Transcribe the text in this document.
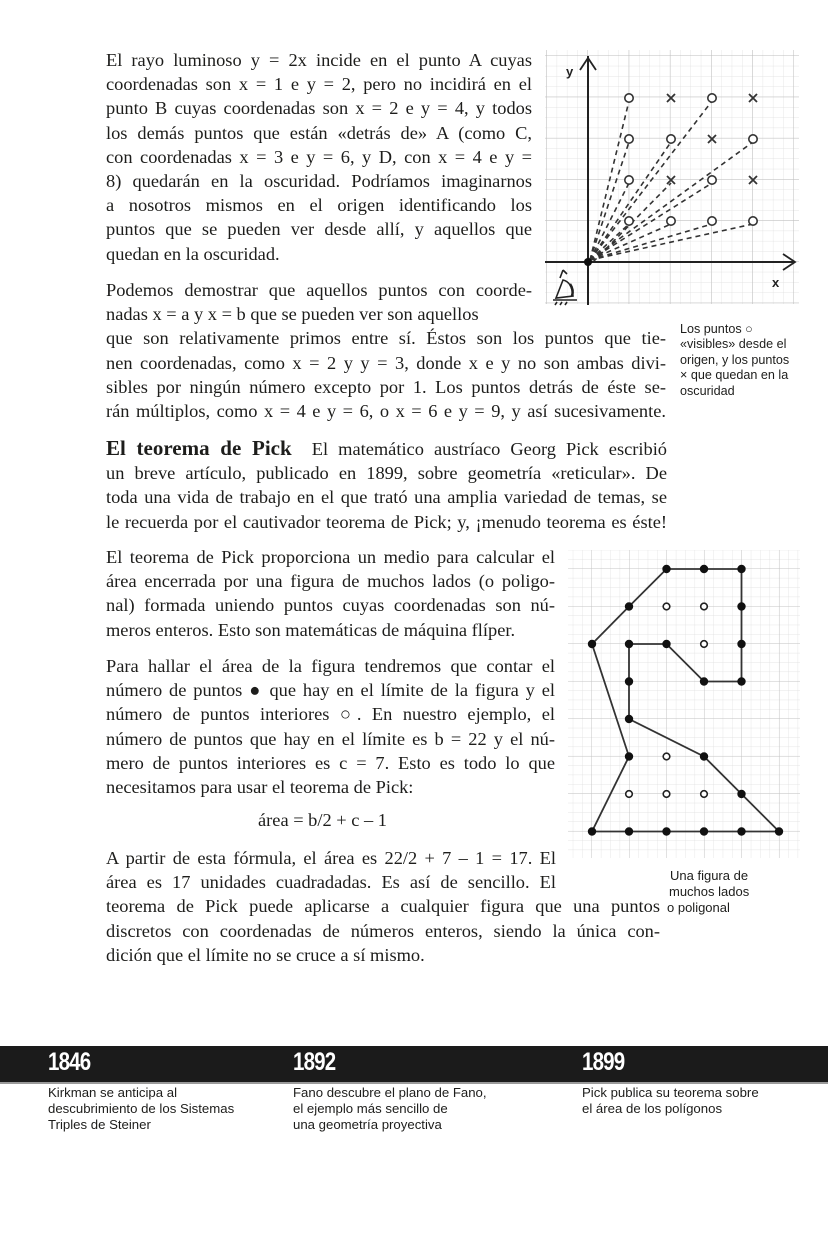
El rayo luminoso y = 2x incide en el punto A cuyas
coordenadas son x = 1 e y = 2, pero no incidirá en el
punto B cuyas coordenadas son x = 2 e y = 4, y todos
los demás puntos que están «detrás de» A (como C,
con coordenadas x = 3 e y = 6, y D, con x = 4 e y =
8) quedarán en la oscuridad. Podríamos imaginarnos
a nosotros mismos en el origen identificando los
puntos que se pueden ver desde allí, y aquellos que
quedan en la oscuridad.
Podemos demostrar que aquellos puntos con coorde-
nadas x = a y x = b que se pueden ver son aquellos
que son relativamente primos entre sí. Éstos son los puntos que tie-
nen coordenadas, como x = 2 y y = 3, donde x e y no son ambas divi-
sibles por ningún número excepto por 1. Los puntos detrás de éste se-
rán múltiplos, como x = 4 e y = 6, o x = 6 e y = 9, y así sucesivamente.
y
x
Los puntos ○
«visibles» desde el
origen, y los puntos
× que quedan en la
oscuridad
El teorema de Pick El matemático austríaco Georg Pick escribió
un breve artículo, publicado en 1899, sobre geometría «reticular». De
toda una vida de trabajo en el que trató una amplia variedad de temas, se
le recuerda por el cautivador teorema de Pick; y, ¡menudo teorema es éste!
El teorema de Pick proporciona un medio para calcular el
área encerrada por una figura de muchos lados (o poligo-
nal) formada uniendo puntos cuyas coordenadas son nú-
meros enteros. Esto son matemáticas de máquina flíper.
Para hallar el área de la figura tendremos que contar el
número de puntos ● que hay en el límite de la figura y el
número de puntos interiores ○. En nuestro ejemplo, el
número de puntos que hay en el límite es b = 22 y el nú-
mero de puntos interiores es c = 7. Esto es todo lo que
necesitamos para usar el teorema de Pick:
área = b/2 + c – 1
A partir de esta fórmula, el área es 22/2 + 7 – 1 = 17. El
área es 17 unidades cuadradadas. Es así de sencillo. El
teorema de Pick puede aplicarse a cualquier figura que una puntos
discretos con coordenadas de números enteros, siendo la única con-
dición que el límite no se cruce a sí mismo.
Una figura de
muchos lados
o poligonal
1846	1892	1899
Kirkman se anticipa al
descubrimiento de los Sistemas
Triples de Steiner
Fano descubre el plano de Fano,
el ejemplo más sencillo de
una geometría proyectiva
Pick publica su teorema sobre
el área de los polígonos
